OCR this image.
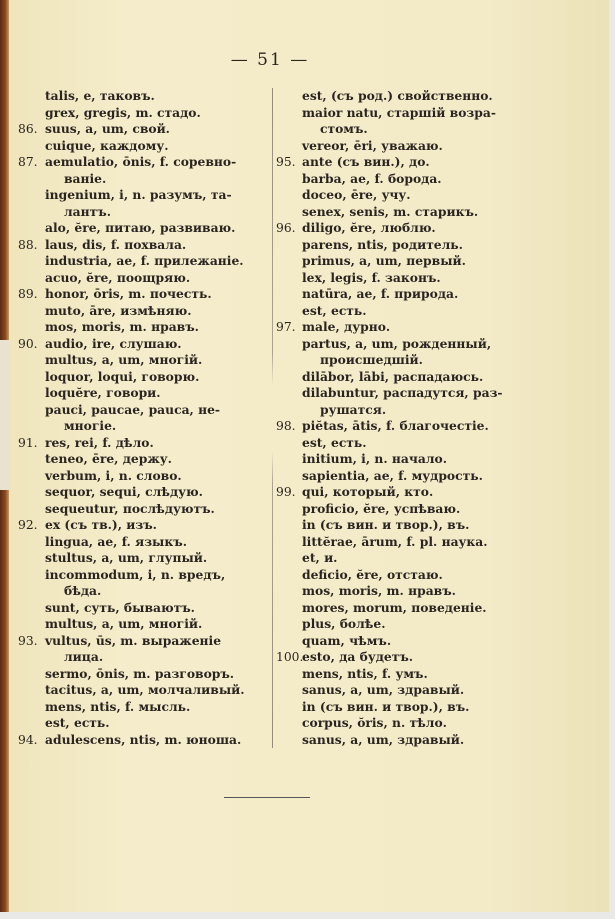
— 51 —
talis, e, таковъ.
grex, gregis, m. стадо.
86. suus, a, um, свой.
cuique, каждому.
87. aemulatio, ōnis, f. соревно-
ванie.
ingenium, i, n. разумъ, та-
лантъ.
alo, ĕre, питаю, развиваю.
88. laus, dis, f. похвала.
industria, ae, f. прилежанie.
acuo, ĕre, поощряю.
89. honor, ōris, m. почесть.
muto, āre, измѣняю.
mos, moris, m. нравъ.
90. audio, ire, слушаю.
multus, a, um, многiй.
loquor, loqui, говорю.
loquĕre, говори.
pauci, paucae, pauca, не-
многie.
91. res, rei, f. дѣло.
teneo, ēre, держу.
verbum, i, n. слово.
sequor, sequi, слѣдую.
sequeutur, послѣдуютъ.
92. ex (съ тв.), изъ.
lingua, ae, f. языкъ.
stultus, a, um, глупый.
incommodum, i, n. вредъ,
бѣда.
sunt, суть, бываютъ.
multus, a, um, многiй.
93. vultus, ūs, m. выраженie
лица.
sermo, ōnis, m. разговоръ.
tacitus, a, um, молчаливый.
mens, ntis, f. мысль.
est, есть.
94. adulescens, ntis, m. юноша.
est, (съ род.) свойственно.
maior natu, старшiй возра-
стомъ.
vereor, ēri, уважаю.
95. ante (съ вин.), до.
barba, ae, f. борода.
doceo, ēre, учу.
senex, senis, m. старикъ.
96. diligo, ĕre, люблю.
parens, ntis, родитель.
primus, a, um, первый.
lex, legis, f. законъ.
natūra, ae, f. природа.
est, есть.
97. male, дурно.
partus, a, um, рожденный,
происшедшiй.
dilābor, lābi, распадаюсь.
dilabuntur, распадутся, раз-
рушатся.
98. piĕtas, ātis, f. благочестie.
est, есть.
initium, i, n. начало.
sapientia, ae, f. мудрость.
99. qui, который, кто.
proficio, ĕre, успѣваю.
in (съ вин. и твор.), въ.
littĕrae, ārum, f. pl. наука.
et, и.
deficio, ĕre, отстаю.
mos, moris, m. нравъ.
mores, morum, поведенie.
plus, болѣе.
quam, чѣмъ.
100.
esto, да будетъ.
mens, ntis, f. умъ.
sanus, a, um, здравый.
in (съ вин. и твор.), въ.
corpus, ŏris, n. тѣло.
sanus, a, um, здравый.
